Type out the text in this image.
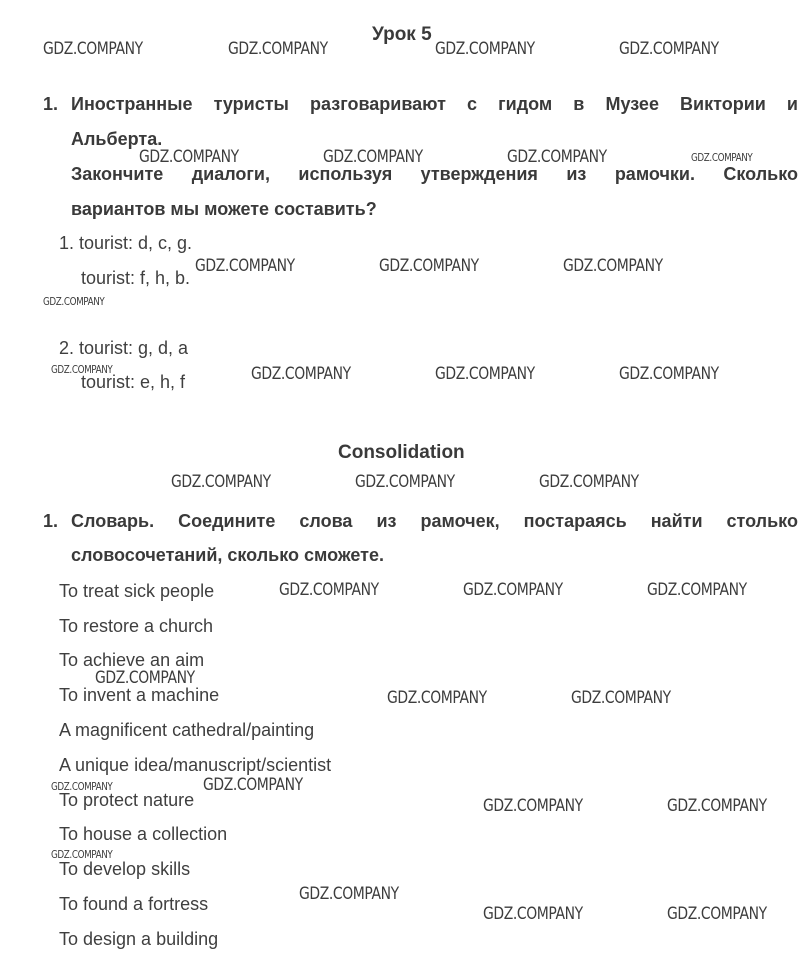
Урок 5
1. Иностранные туристы разговаривают с гидом в Музее Виктории и
Альберта.
Закончите диалоги, используя утверждения из рамочки. Сколько
вариантов мы можете составить?
1. tourist: d, c, g.
tourist: f, h, b.
2. tourist: g, d, a
tourist: e, h, f
Consolidation
1. Словарь. Соедините слова из рамочек, постараясь найти столько
словосочетаний, сколько сможете.
To treat sick people
To restore a church
To achieve an aim
To invent a machine
A magnificent cathedral/painting
A unique idea/manuscript/scientist
To protect nature
To house a collection
To develop skills
To found a fortress
To design a building
GDZ.COMPANY	GDZ.COMPANY	GDZ.COMPANY	GDZ.COMPANY
GDZ.COMPANY	GDZ.COMPANY	GDZ.COMPANY	GDZ.COMPANY
GDZ.COMPANY	GDZ.COMPANY	GDZ.COMPANY
GDZ.COMPANY
GDZ.COMPANY	GDZ.COMPANY	GDZ.COMPANY	GDZ.COMPANY
GDZ.COMPANY	GDZ.COMPANY	GDZ.COMPANY
GDZ.COMPANY	GDZ.COMPANY	GDZ.COMPANY
GDZ.COMPANY
GDZ.COMPANY	GDZ.COMPANY
GDZ.COMPANY	GDZ.COMPANY
GDZ.COMPANY	GDZ.COMPANY
GDZ.COMPANY
GDZ.COMPANY
GDZ.COMPANY	GDZ.COMPANY
